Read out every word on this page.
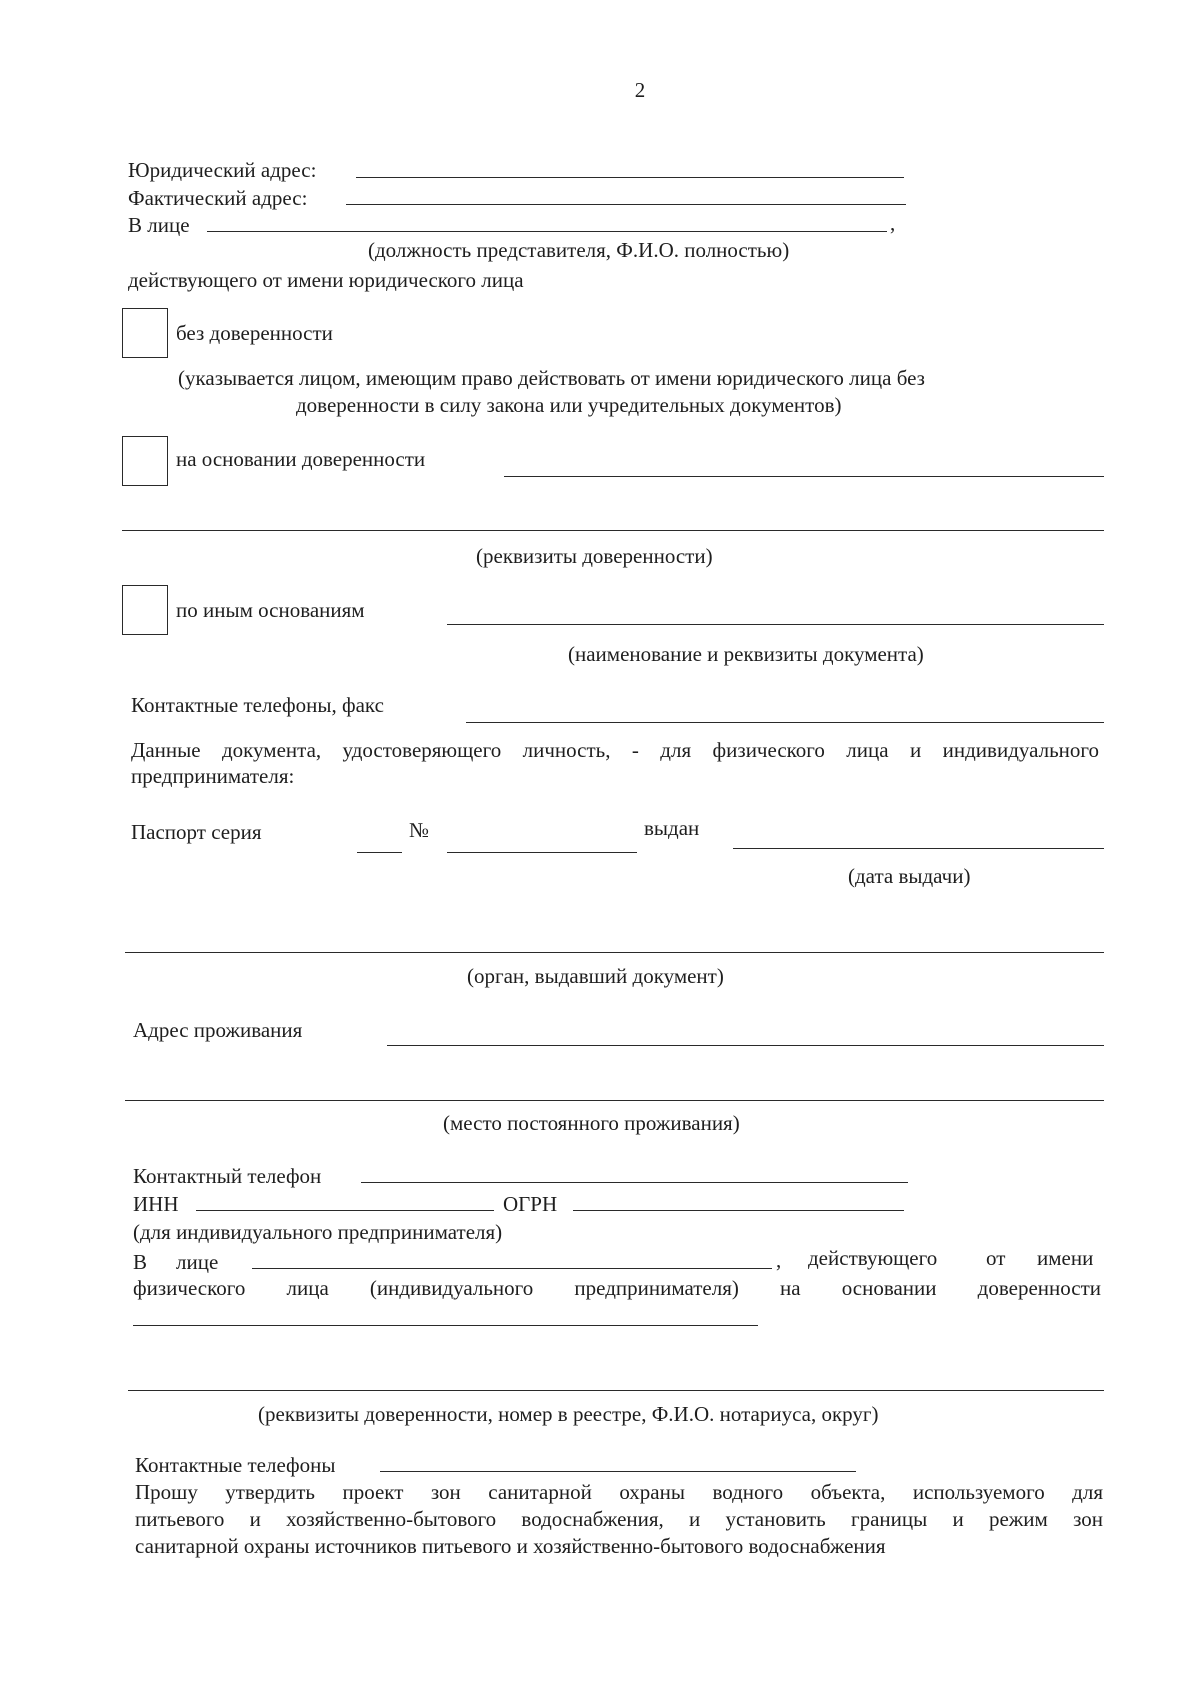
2
Юридический адрес:
Фактический адрес:
В лице	,
(должность представителя, Ф.И.О. полностью)
действующего от имени юридического лица
без доверенности
(указывается лицом, имеющим право действовать от имени юридического лица без
доверенности в силу закона или учредительных документов)
на основании доверенности
(реквизиты доверенности)
по иным основаниям
(наименование и реквизиты документа)
Контактные телефоны, факс
Данные документа, удостоверяющего личность, - для физического лица и индивидуального
предпринимателя:
Паспорт серия	№	выдан
(дата выдачи)
(орган, выдавший документ)
Адрес проживания
(место постоянного проживания)
Контактный телефон
ИНН	ОГРН
(для индивидуального предпринимателя)
В лице	, действующего от имени
физического лица (индивидуального предпринимателя) на основании доверенности
(реквизиты доверенности, номер в реестре, Ф.И.О. нотариуса, округ)
Контактные телефоны
Прошу утвердить проект зон санитарной охраны водного объекта, используемого для
питьевого и хозяйственно-бытового водоснабжения, и установить границы и режим зон
санитарной охраны источников питьевого и хозяйственно-бытового водоснабжения
